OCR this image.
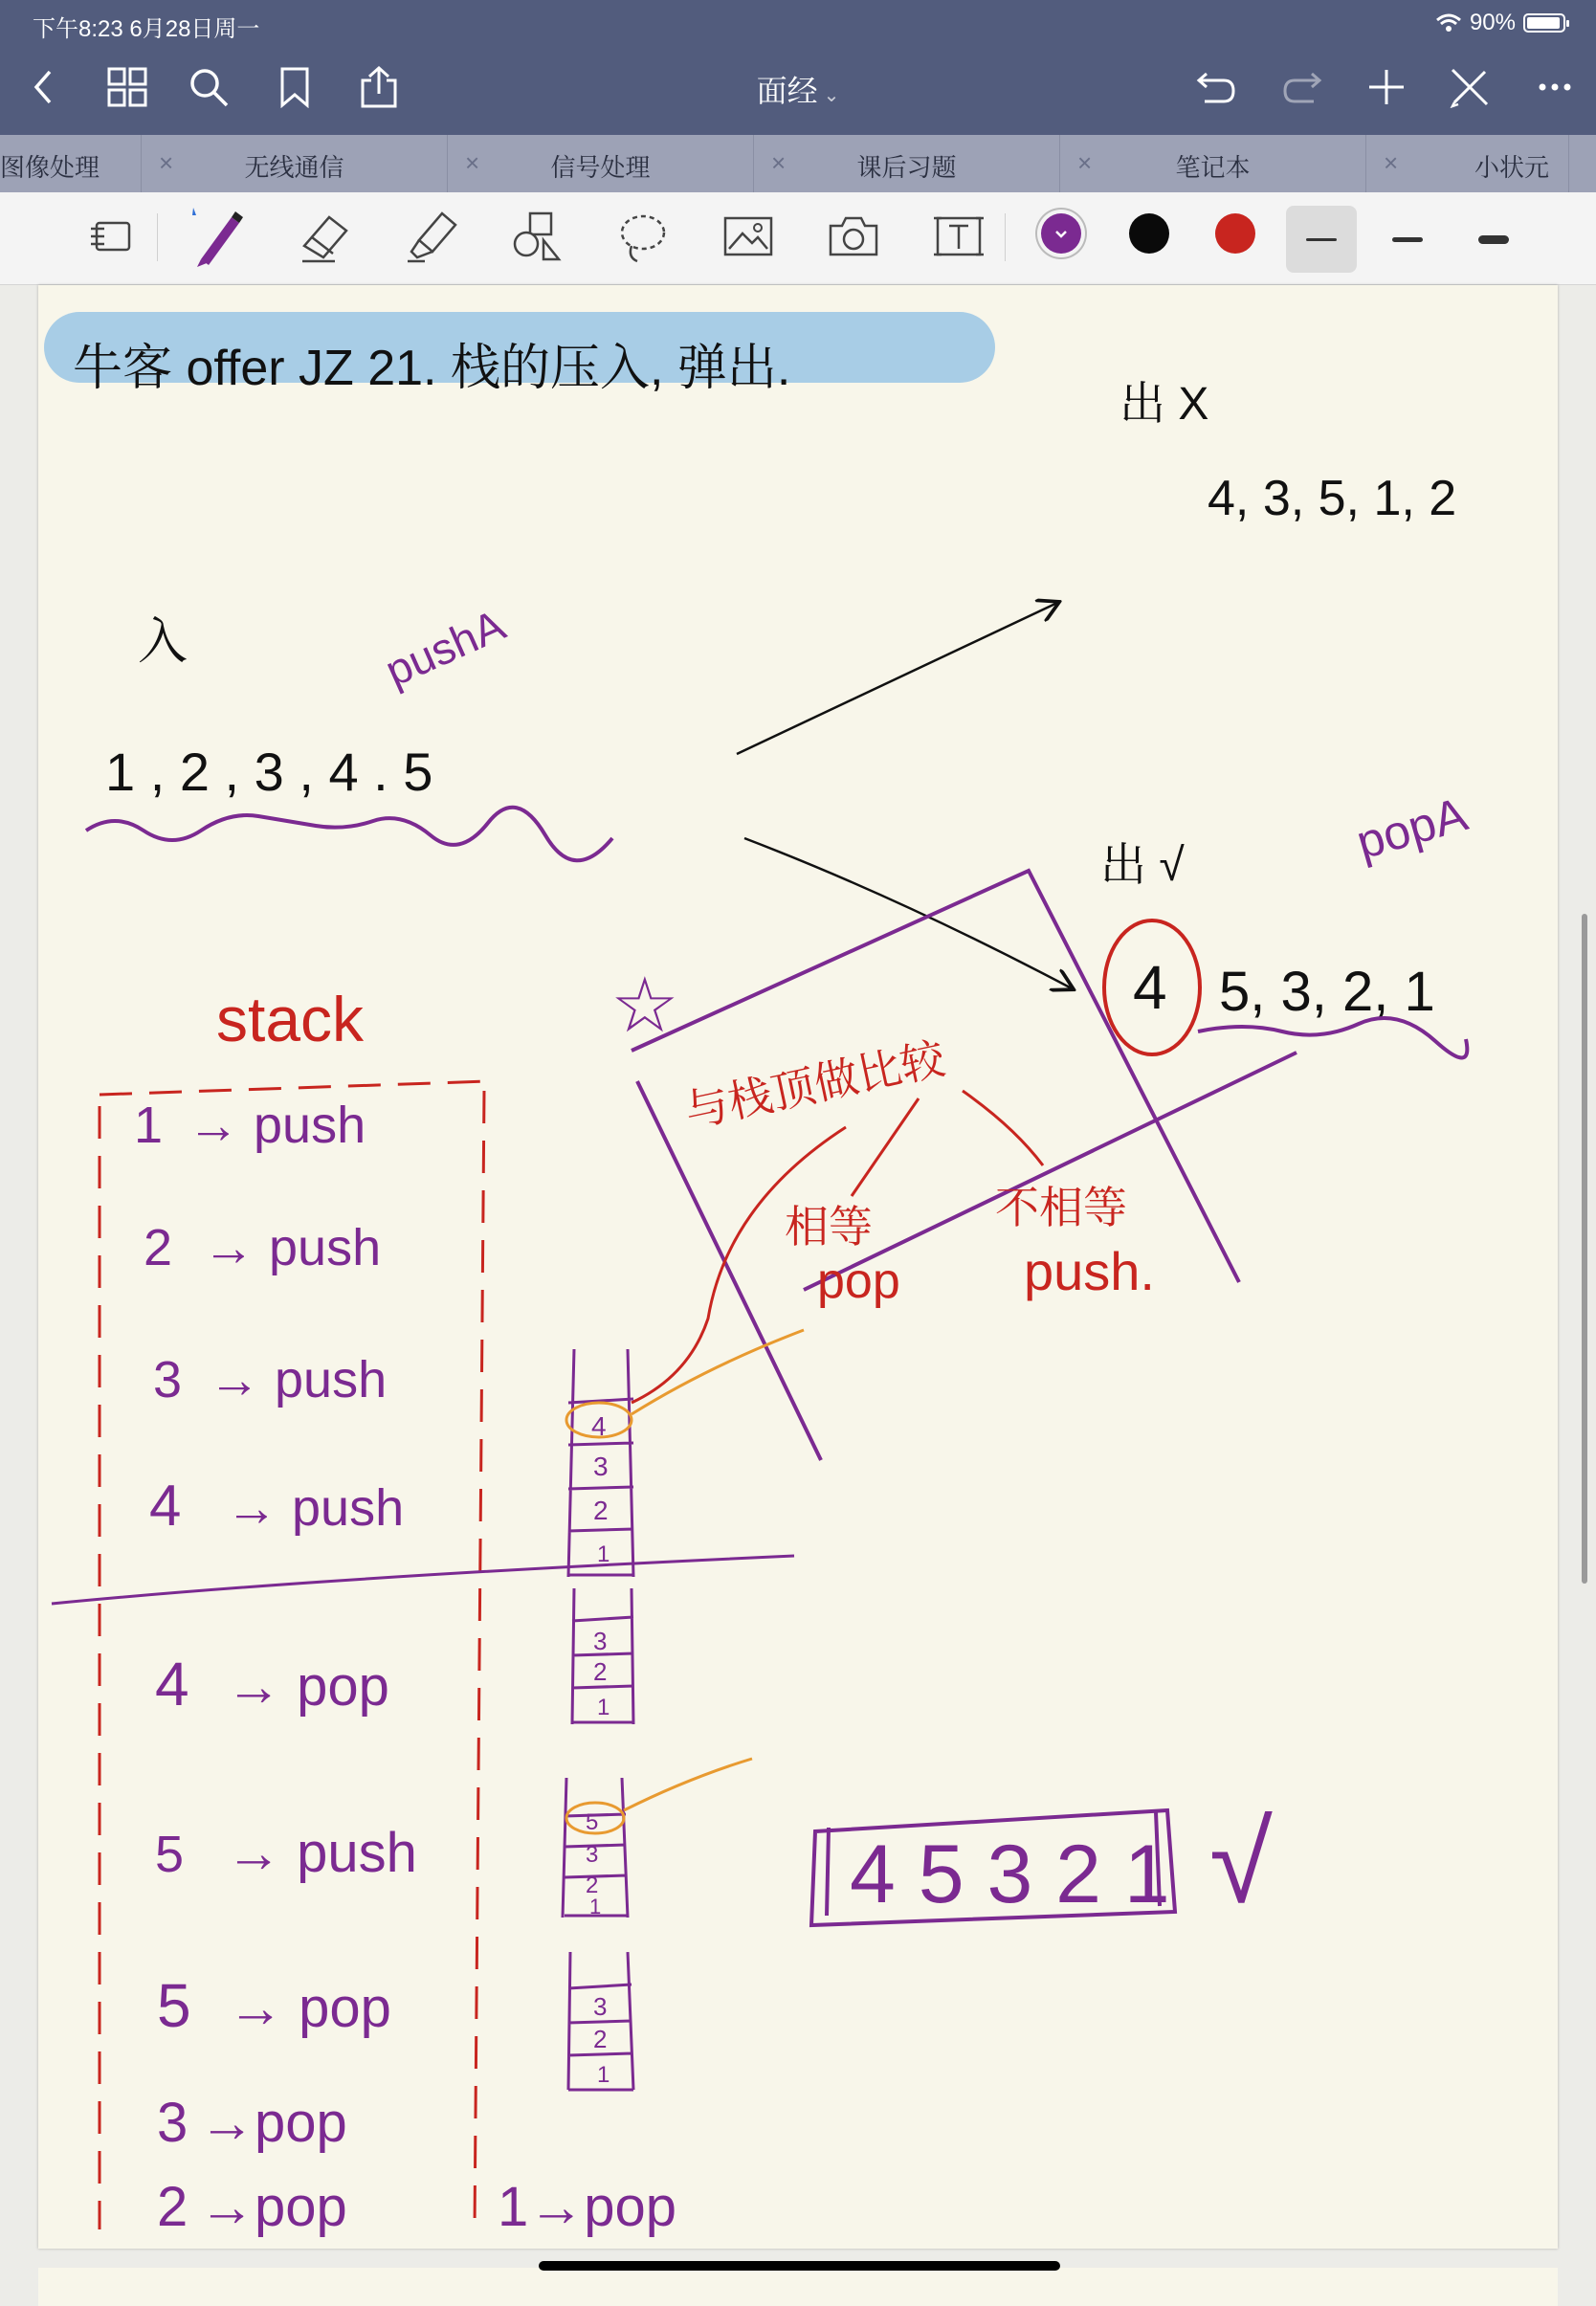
下午8:23 6月28日周一	90%
面经 ⌄
图像处理	×	无线通信	×	信号处理	×	课后习题	×	笔记本	×	小状元
牛客 offer JZ 21. 栈的压入, 弹出.
出 X
4, 3, 5, 1, 2
入	pushA
1 , 2 , 3 , 4 . 5
出 √	popA
4 5, 3, 2, 1
☆
与栈顶做比较
相等
pop
不相等
push.
stack
1 → push
2 → push
3 → push
4 → push
4 → pop
5 → push
5 → pop
3 →pop
2 →pop	1→pop
4
3
2
1
3
2
1
5
3
2
1
3
2
1
4 5 3 2 1 √
